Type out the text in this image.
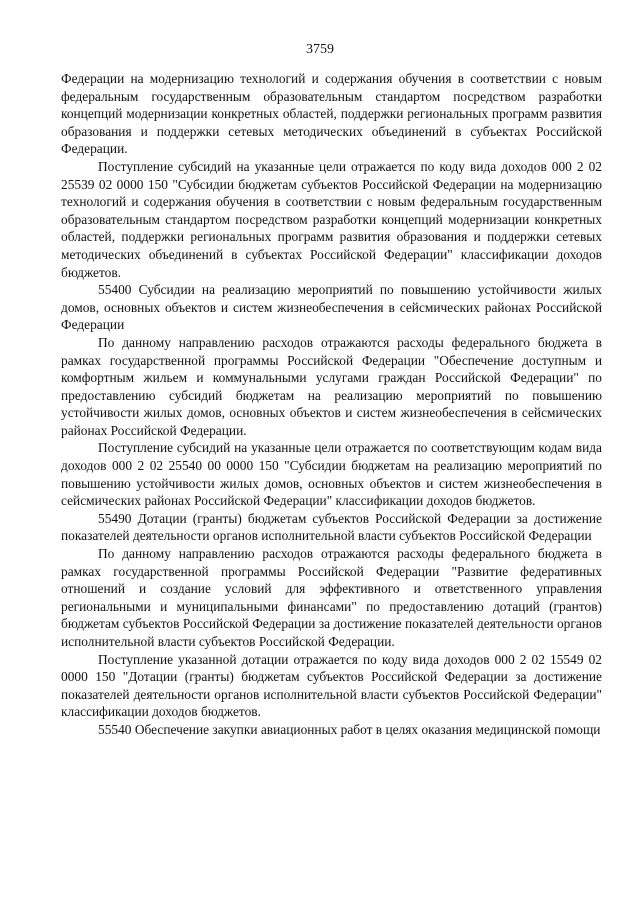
3759

Федерации на модернизацию технологий и содержания обучения в соответствии с новым федеральным государственным образовательным стандартом посредством разработки концепций модернизации конкретных областей, поддержки региональных программ развития образования и поддержки сетевых методических объединений в субъектах Российской Федерации.

Поступление субсидий на указанные цели отражается по коду вида доходов 000 2 02 25539 02 0000 150 "Субсидии бюджетам субъектов Российской Федерации на модернизацию технологий и содержания обучения в соответствии с новым федеральным государственным образовательным стандартом посредством разработки концепций модернизации конкретных областей, поддержки региональных программ развития образования и поддержки сетевых методических объединений в субъектах Российской Федерации" классификации доходов бюджетов.

55400 Субсидии на реализацию мероприятий по повышению устойчивости жилых домов, основных объектов и систем жизнеобеспечения в сейсмических районах Российской Федерации

По данному направлению расходов отражаются расходы федерального бюджета в рамках государственной программы Российской Федерации "Обеспечение доступным и комфортным жильем и коммунальными услугами граждан Российской Федерации" по предоставлению субсидий бюджетам на реализацию мероприятий по повышению устойчивости жилых домов, основных объектов и систем жизнеобеспечения в сейсмических районах Российской Федерации.

Поступление субсидий на указанные цели отражается по соответствующим кодам вида доходов 000 2 02 25540 00 0000 150 "Субсидии бюджетам на реализацию мероприятий по повышению устойчивости жилых домов, основных объектов и систем жизнеобеспечения в сейсмических районах Российской Федерации" классификации доходов бюджетов.

55490 Дотации (гранты) бюджетам субъектов Российской Федерации за достижение показателей деятельности органов исполнительной власти субъектов Российской Федерации

По данному направлению расходов отражаются расходы федерального бюджета в рамках государственной программы Российской Федерации "Развитие федеративных отношений и создание условий для эффективного и ответственного управления региональными и муниципальными финансами" по предоставлению дотаций (грантов) бюджетам субъектов Российской Федерации за достижение показателей деятельности органов исполнительной власти субъектов Российской Федерации.

Поступление указанной дотации отражается по коду вида доходов 000 2 02 15549 02 0000 150 "Дотации (гранты) бюджетам субъектов Российской Федерации за достижение показателей деятельности органов исполнительной власти субъектов Российской Федерации" классификации доходов бюджетов.

55540 Обеспечение закупки авиационных работ в целях оказания медицинской помощи
